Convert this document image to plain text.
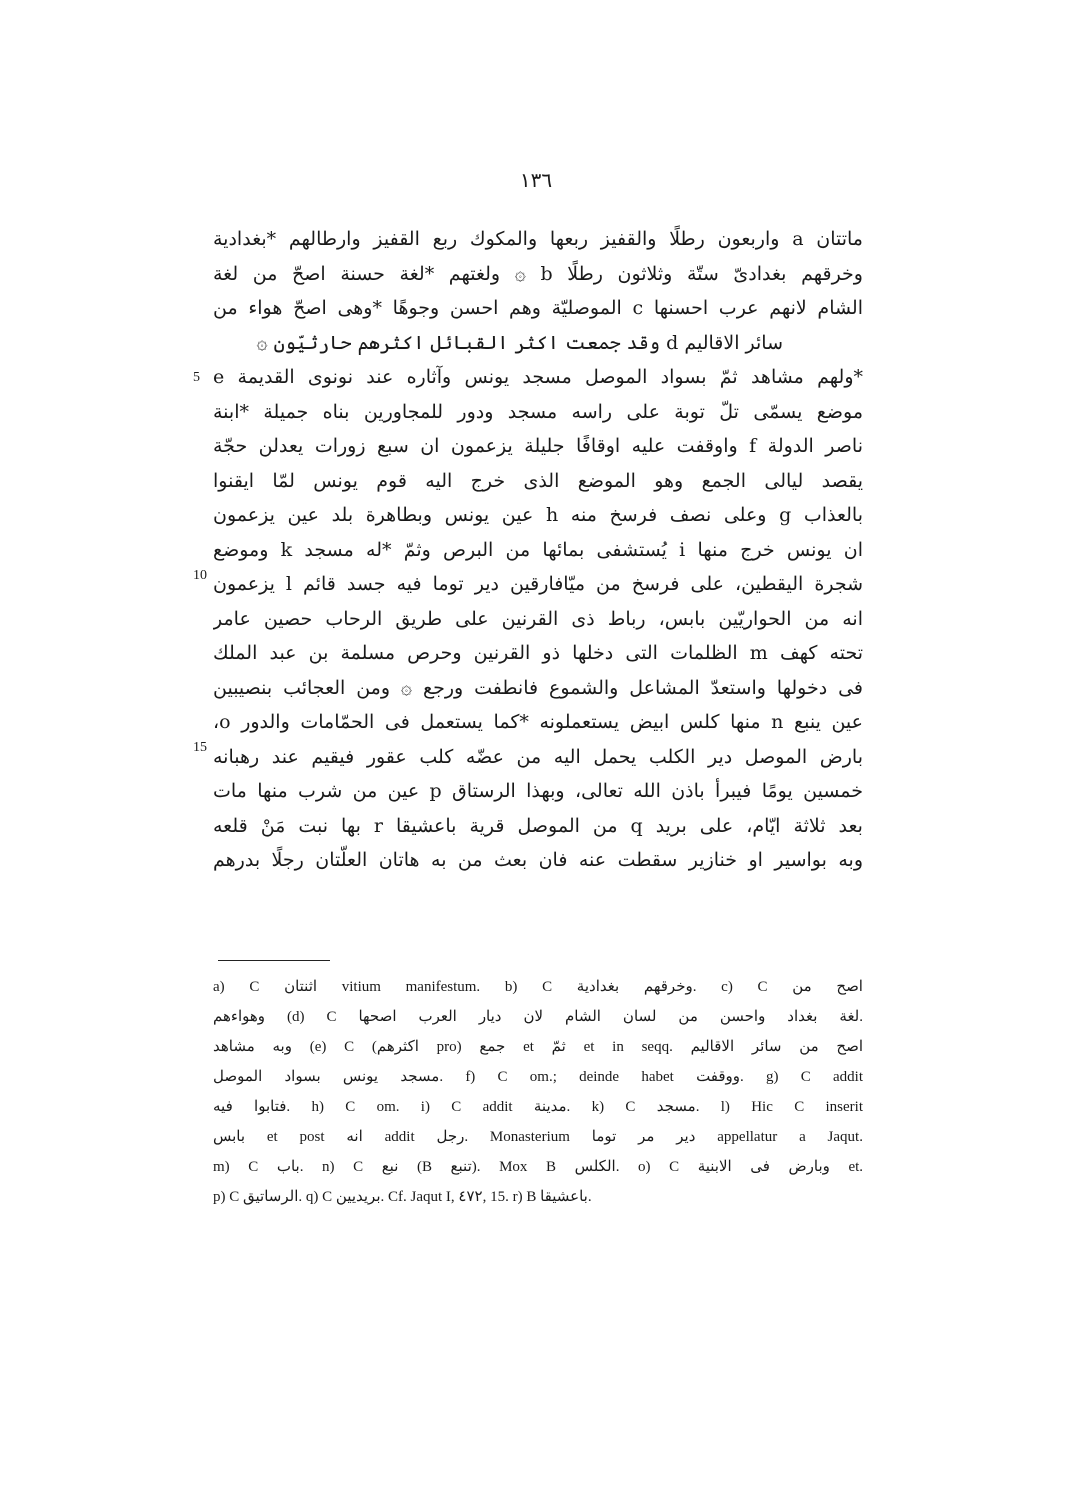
١٣٦
5
10
15
ماتتان a واربعون رطلًا والقفيز ربعها والمكوك ربع القفيز وارطالهم *بغدادية
وخرقهم بغدادىّ ستّة وثلاثون رطلًا b ۞ ولغتهم *لغة حسنة اصحّ من لغة
الشام لانهم عرب احسنها c الموصليّة وهم احسن وجوهًا *وهى اصحّ هواء من
سائر الاقاليم d وقد جمعت اكثر القبائل اكثرهم حارثيّون ۞
*ولهم مشاهد ثمّ بسواد الموصل مسجد يونس وآثاره عند نونوى القديمة e
موضع يسمّى تلّ توبة على راسه مسجد ودور للمجاورين بناه جميلة *ابنة
ناصر الدولة f واوقفت عليه اوقافًا جليلة يزعمون ان سبع زورات يعدلن حجّة
يقصد ليالى الجمع وهو الموضع الذى خرج اليه قوم يونس لمّا ايقنوا
بالعذاب g وعلى نصف فرسخ منه h عين يونس وبطاهرة بلد عين يزعمون
ان يونس خرج منها i يُستشفى بمائها من البرص وثمّ *له مسجد k وموضع
شجرة اليقطين، على فرسخ من ميّافارقين دير توما فيه جسد قائم l يزعمون
انه من الحواريّين بابس، رباط ذى القرنين على طريق الرحاب حصين عامر
تحته كهف m الظلمات التى دخلها ذو القرنين وحرص مسلمة بن عبد الملك
فى دخولها واستعدّ المشاعل والشموع فانطفت ورجع ۞ ومن العجائب بنصيبين
عين ينبع n منها كلس ابيض يستعملونه *كما يستعمل فى الحمّامات والدور o،
بارض الموصل دير الكلب يحمل اليه من عضّه كلب عقور فيقيم عند رهبانه
خمسين يومًا فيبرأ باذن الله تعالى، وبهذا الرستاق p عين من شرب منها مات
بعد ثلاثة ايّام، على بريد q من الموصل قرية باعشيقا r بها نبت مَنْ قلعه
وبه بواسير او خنازير سقطت عنه فان بعث من به هاتان العلّتان رجلًا بدرهم
a) C اثنتان vitium manifestum. b) C وخرقهم بغدادية. c) C اصح من
وهواءهم (d) C لغة بغداد واحسن من لسان الشام لان ديار العرب اصحها.
وبه مشاهد (e) C (اكثرهم pro) جمع et ثمّ et in seqq. اصح من سائر الاقاليم
مسجد يونس بسواد الموصل. f) C om.; deinde habet ووقفت. g) C addit
فتابوا فيه. h) C om. i) C addit مدينة. k) C مسجد. l) Hic C inserit
بابس et post انه addit رجل. Monasterium دير مر توما appellatur a Jaqut.
m) C باب. n) C نبع (B تنبع). Mox B الكلس. o) C وبارض فى الابنية et.
p) C الرساتيق. q) C بريديين. Cf. Jaqut I, ٤٧٢, 15. r) B باعشيقا.
